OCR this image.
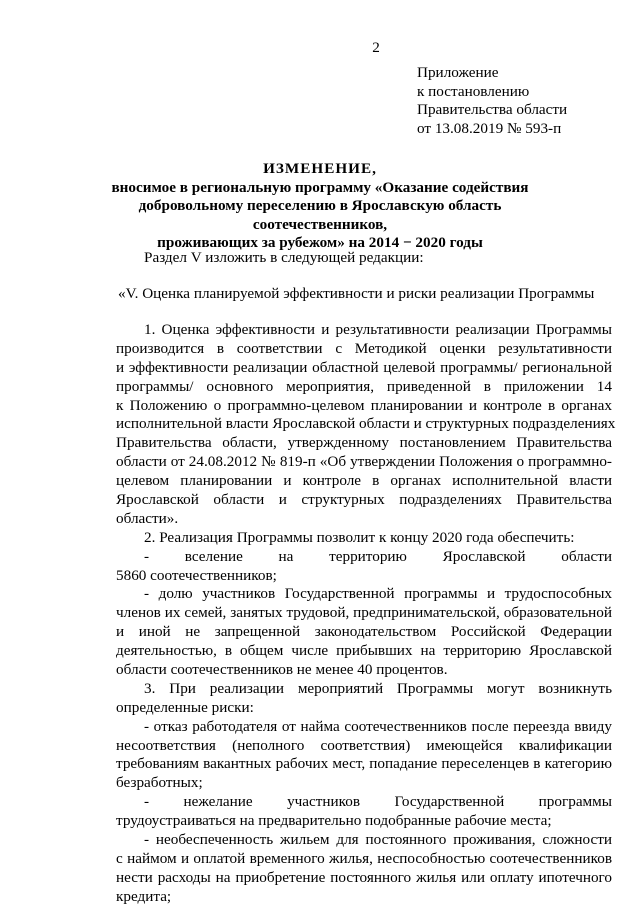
2
Приложение
к постановлению
Правительства области
от 13.08.2019 № 593-п
ИЗМЕНЕНИЕ,
вносимое в региональную программу «Оказание содействия
добровольному переселению в Ярославскую область соотечественников,
проживающих за рубежом» на 2014 − 2020 годы
Раздел V изложить в следующей редакции:
«V. Оценка планируемой эффективности и риски реализации Программы
1. Оценка эффективности и результативности реализации Программы
производится в соответствии с Методикой оценки результативности
и эффективности реализации областной целевой программы/ региональной
программы/ основного мероприятия, приведенной в приложении 14
к Положению о программно-целевом планировании и контроле в органах
исполнительной власти Ярославской области и структурных подразделениях
Правительства области, утвержденному постановлением Правительства
области от 24.08.2012 № 819-п «Об утверждении Положения о программно-
целевом планировании и контроле в органах исполнительной власти
Ярославской области и структурных подразделениях Правительства
области».
2. Реализация Программы позволит к концу 2020 года обеспечить:
- вселение на территорию Ярославской области
5860 соотечественников;
- долю участников Государственной программы и трудоспособных
членов их семей, занятых трудовой, предпринимательской, образовательной
и иной не запрещенной законодательством Российской Федерации
деятельностью, в общем числе прибывших на территорию Ярославской
области соотечественников не менее 40 процентов.
3. При реализации мероприятий Программы могут возникнуть
определенные риски:
- отказ работодателя от найма соотечественников после переезда ввиду
несоответствия (неполного соответствия) имеющейся квалификации
требованиям вакантных рабочих мест, попадание переселенцев в категорию
безработных;
- нежелание участников Государственной программы
трудоустраиваться на предварительно подобранные рабочие места;
- необеспеченность жильем для постоянного проживания, сложности
с наймом и оплатой временного жилья, неспособностью соотечественников
нести расходы на приобретение постоянного жилья или оплату ипотечного
кредита;
